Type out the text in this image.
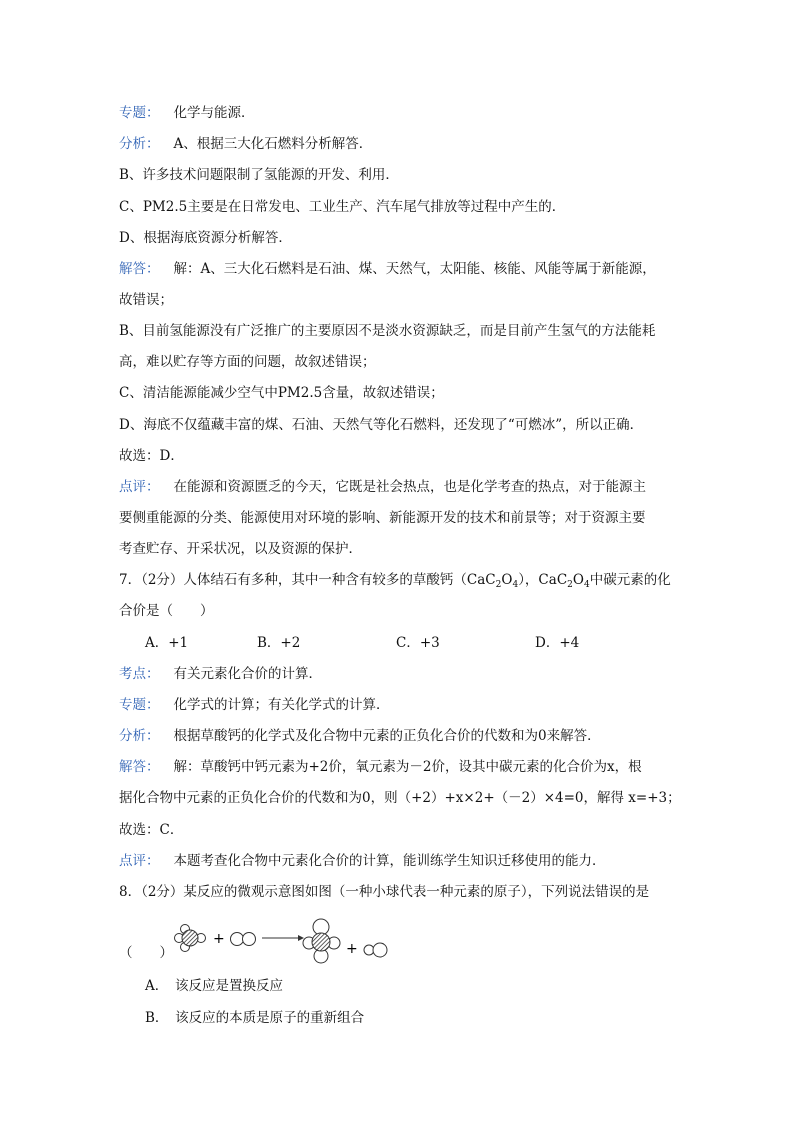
专题： 化学与能源．
分析： A、根据三大化石燃料分析解答．
B、许多技术问题限制了氢能源的开发、利用．
C、PM2.5主要是在日常发电、工业生产、汽车尾气排放等过程中产生的．
D、根据海底资源分析解答．
解答： 解：A、三大化石燃料是石油、煤、天然气，太阳能、核能、风能等属于新能源，
故错误；
B、目前氢能源没有广泛推广的主要原因不是淡水资源缺乏，而是目前产生氢气的方法能耗
高，难以贮存等方面的问题，故叙述错误；
C、清洁能源能减少空气中PM2.5含量，故叙述错误；
D、海底不仅蕴藏丰富的煤、石油、天然气等化石燃料，还发现了“可燃冰”，所以正确．
故选：D．
点评： 在能源和资源匮乏的今天，它既是社会热点，也是化学考查的热点，对于能源主
要侧重能源的分类、能源使用对环境的影响、新能源开发的技术和前景等；对于资源主要
考查贮存、开采状况，以及资源的保护．
7．（2分）人体结石有多种，其中一种含有较多的草酸钙$(CaC_2O_4)$，$CaC_2O_4$中碳元素的化
合价是（　　）
A．+1	B．+2	C．+3	D．+4
考点： 有关元素化合价的计算．
专题： 化学式的计算；有关化学式的计算．
分析： 根据草酸钙的化学式及化合物中元素的正负化合价的代数和为0来解答．
解答： 解：草酸钙中钙元素为+2价，氧元素为－2价，设其中碳元素的化合价为x，根
据化合物中元素的正负化合价的代数和为0，则（+2）+x×2+（－2）×4=0，解得 x=+3；
故选：C．
点评： 本题考查化合物中元素化合价的计算，能训练学生知识迁移使用的能力．
8．（2分）某反应的微观示意图如图（一种小球代表一种元素的原子），下列说法错误的是
（　　）
+
+
A．　该反应是置换反应
B．　该反应的本质是原子的重新组合
